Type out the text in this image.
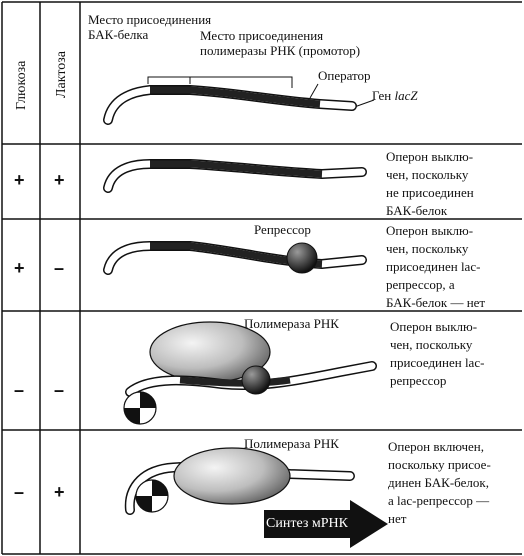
Глюкоза Лактоза
Место присоединения
БАК-белка	Место присоединения
полимеразы РНК (промотор)
Оператор
Ген lacZ
+ +
Оперон выклю-
чен, поскольку
не присоединен
БАК-белок
+ –
Репрессор	Оперон выклю-
чен, поскольку
присоединен lac-
репрессор, а
БАК-белок — нет
– –
Полимераза РНК	Оперон выклю-
чен, поскольку
присоединен lac-
репрессор
– +
Полимераза РНК	Оперон включен,
поскольку присое-
динен БАК-белок,
а lac-репрессор —
нет
Синтез мРНК
